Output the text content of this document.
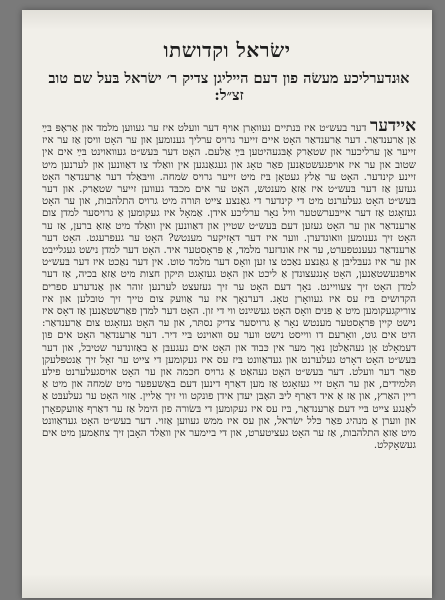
ישׂראל וקדושתו
אוּנדערליכע מעשׂה פון דעם הייליגן צדיק ר׳ ישׂראל בּעל שם טוב זצ״ל:
איידער דער בעש״ט איז בּנתיים נעוואָרן אויף דער וועלט איז ער געווען מלמד און אַראָפּ בּײַ אַן אַרענדאַר. דער אַרענדאַר האָט איים זייער גרויס ערליך גענומען און ער האָט וויסן אַז ער איז זייער אַן ערליכער און שטאַרק אָבּגעהיטען בּײַ אַלעם. האָט דער בּעש״ט געוואוינט בּײַ אים אין שטוב און ער איז אויפגעשטאַנען פאַר טאָג און געגאַנגען אין וואַלד צו דאַוונען און לערנען מיט זיינע קינדער. האָט ער אַלץ געטאָן בּיז מיט זייער גרויס שׂמחה. וויבּאַלד דער אַרענדאַר האָט געזען אַז דער בּעש״ט איז אַזאַ מענטש, האָט ער אים מכבּד געווען זייער שטאַרק. און דער בּעש״ט האָט געלערנט מיט די קינדער די גאַנצע צייט תּורה מיט גרויס התלהבות, און ער האָט געזאָגט אַז דער אייבּערשטער וויל נאָר ערליכע אידן. אַמאָל איז געקומען אַ גרויסער למדן צום אַרענדאַר און ער האָט געזען דעם בּעש״ט שטיין און דאַוונען אין וואַלד מיט אַזאַ ברען, אַז ער האָט זיך גענומען וואונדערן. ווער איז דער דאָזיקער מענטש? האָט ער געפרעגט. האָט דער אַרענדאַר געענטפערט, ער איז אונדזער מלמד, אַ פּראָסטער איד. האָט דער למדן נישט געגלייבט און ער איז געבּליבּן אַ גאַנצע נאַכט צו זען וואָס דער מלמד טוט. אין דער נאַכט איז דער בּעש״ט אויפגעשטאַנען, האָט אָנגעצונדן אַ ליכט און האָט געזאָגט תּיקון חצות מיט אַזאַ בכיה, אַז דער למדן האָט זיך צעוויינט. נאָך דעם האָט ער זיך געזעצט לערנען זוהר און אַנדערע ספרים הקדושים בּיז עס איז געוואָרן טאָג. דערנאָך איז ער אַוועק צום טייך זיך טובלען און איז צוריקגעקומען מיט אַ פנים וואָס האָט געשײַנט ווי די זון. האָט דער למדן פאַרשטאַנען אַז דאָס איז נישט קיין פּראָסטער מענטש נאָר אַ גרויסער צדיק נסתּר, און ער האָט געזאָגט צום אַרענדאַר: היט אים גוט, וואָרעם דו ווייסט נישט ווער עס וואוינט בּיי דיר. דער אַרענדאַר האָט אים פון דעמאָלט אָן געהאַלטן נאָך מער אין כּבוד און האָט אים געגעבּן אַ באַזונדער שטיבל, און דער בּעש״ט האָט דאָרט געלערנט און געדאַוונט בּיז עס איז געקומען די צייט ער זאָל זיך אַנטפּלעקן פאַר דער וועלט. דער בּעש״ט האָט געהאַט אַ גרויס חכמה און ער האָט אויסגעלערנט פילע תּלמידים, און ער האָט זיי געזאָגט אַז מען דאַרף דינען דעם באַשעפער מיט שׂמחה און מיט אַ ריין האַרץ, און אַז אַ איד דאַרף ליבּ האָבּן יעדן אידן פונקט ווי זיך אַליין. אַזוי האָט ער געלעבּט אַ לאַנגע צייט בּיי דעם אַרענדאַר, בּיז עס איז געקומען די בּשׂורה פון הימל אַז ער דאַרף אַוועקפאָרן און ווערן אַ מנהיג פאַר כּלל ישׂראל, און עס איז ממש געווען אַזוי. דער בעש״ט האָט געדאַוונט מיט אַזאַ התלהבות, אַז ער האָט געציטערט, און די ביימער אין וואַלד האָבן זיך צוזאַמען מיט אים געשאָקלט.
